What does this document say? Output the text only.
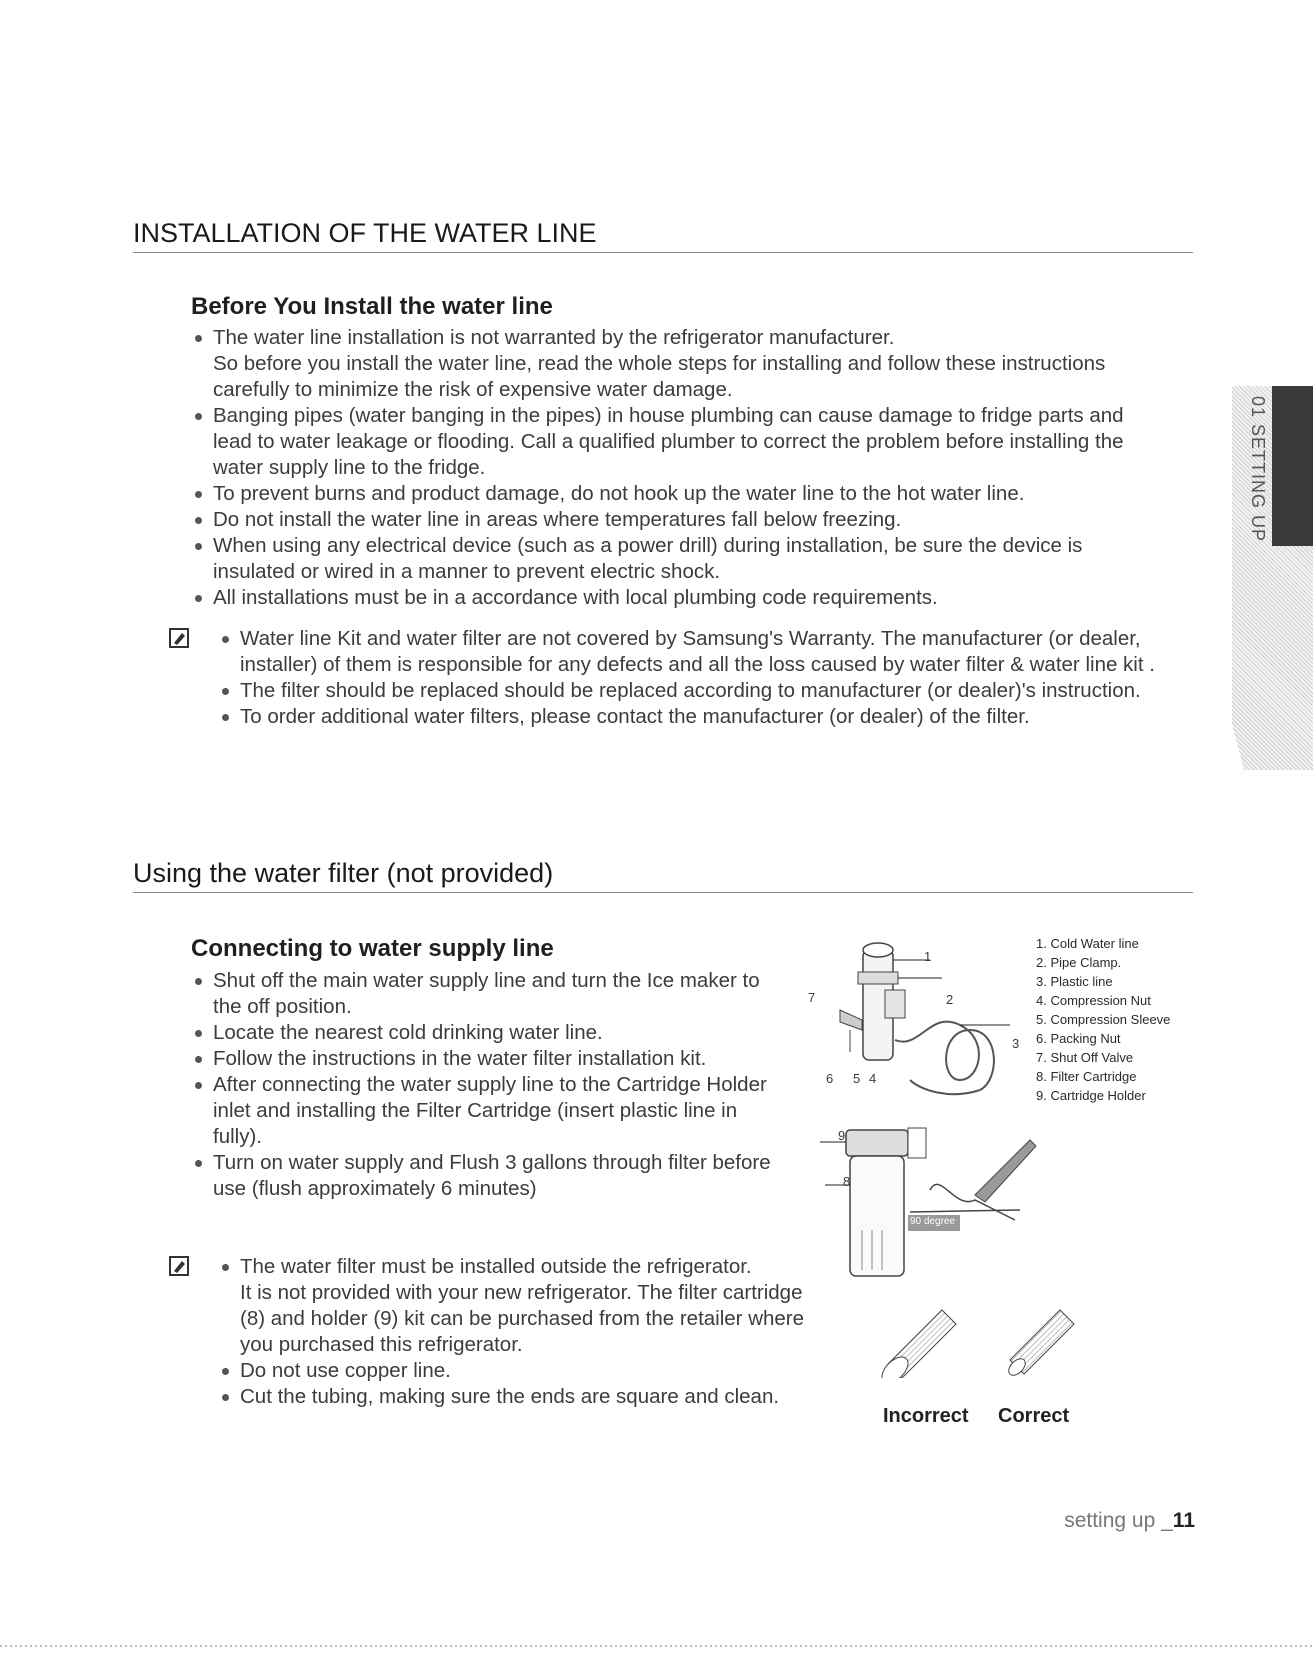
INSTALLATION OF THE WATER LINE
Before You Install the water line
The water line installation is not warranted by the refrigerator manufacturer.
So before you install the water line, read the whole steps for installing and follow these instructions
carefully to minimize the risk of expensive water damage.
Banging pipes (water banging in the pipes) in house plumbing can cause damage to fridge parts and
lead to water leakage or flooding. Call a qualified plumber to correct the problem before installing the
water supply line to the fridge.
To prevent burns and product damage, do not hook up the water line to the hot water line.
Do not install the water line in areas where temperatures fall below freezing.
When using any electrical device (such as a power drill) during installation, be sure the device is
insulated or wired in a manner to prevent electric shock.
All installations must be in a accordance with local plumbing code requirements.
Water line Kit and water filter are not covered by Samsung's Warranty. The manufacturer (or dealer,
installer) of them is responsible for any defects and all the loss caused by water filter & water line kit .
The filter should be replaced should be replaced according to manufacturer (or dealer)'s instruction.
To order additional water filters, please contact the manufacturer (or dealer) of the filter.
Using the water filter (not provided)
Connecting to water supply line
Shut off the main water supply line and turn the Ice maker to
the off position.
Locate the nearest cold drinking water line.
Follow the instructions in the water filter installation kit.
After connecting the water supply line to the Cartridge Holder
inlet and installing the Filter Cartridge (insert plastic line in
fully).
Turn on water supply and Flush 3 gallons through filter before
use (flush approximately 6 minutes)
The water filter must be installed outside the refrigerator.
It is not provided with your new refrigerator. The filter cartridge
(8) and holder (9) kit can be purchased from the retailer where
you purchased this refrigerator.
Do not use copper line.
Cut the tubing, making sure the ends are square and clean.
1
2
3
4
5
6
7
8
9
90 degree
1. Cold Water line
2. Pipe Clamp.
3. Plastic line
4. Compression Nut
5. Compression Sleeve
6. Packing Nut
7. Shut Off Valve
8. Filter Cartridge
9. Cartridge Holder
Incorrect Correct
01 SETTING UP
setting up _11
